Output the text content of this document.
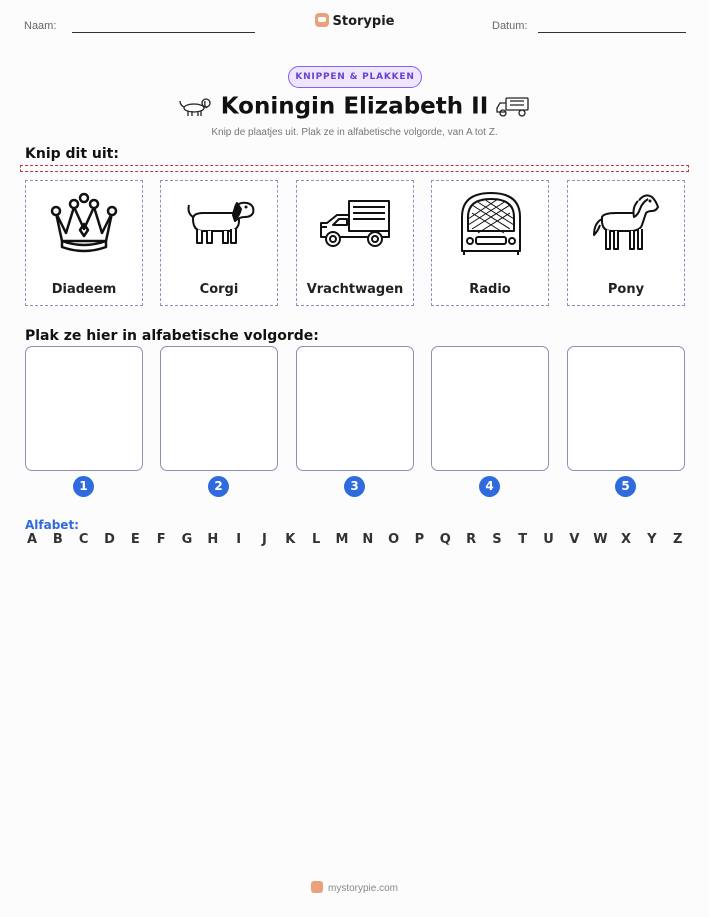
Naam:	Storypie	Datum:
KNIPPEN & PLAKKEN
Koningin Elizabeth II
Knip de plaatjes uit. Plak ze in alfabetische volgorde, van A tot Z.
Knip dit uit:
Diadeem	Corgi	Vrachtwagen	Radio	Pony
Plak ze hier in alfabetische volgorde:
1	2	3	4	5
Alfabet:
A B C D E F G H	I	J	K L M N O P Q R S T U V W X Y Z
mystorypie.com
